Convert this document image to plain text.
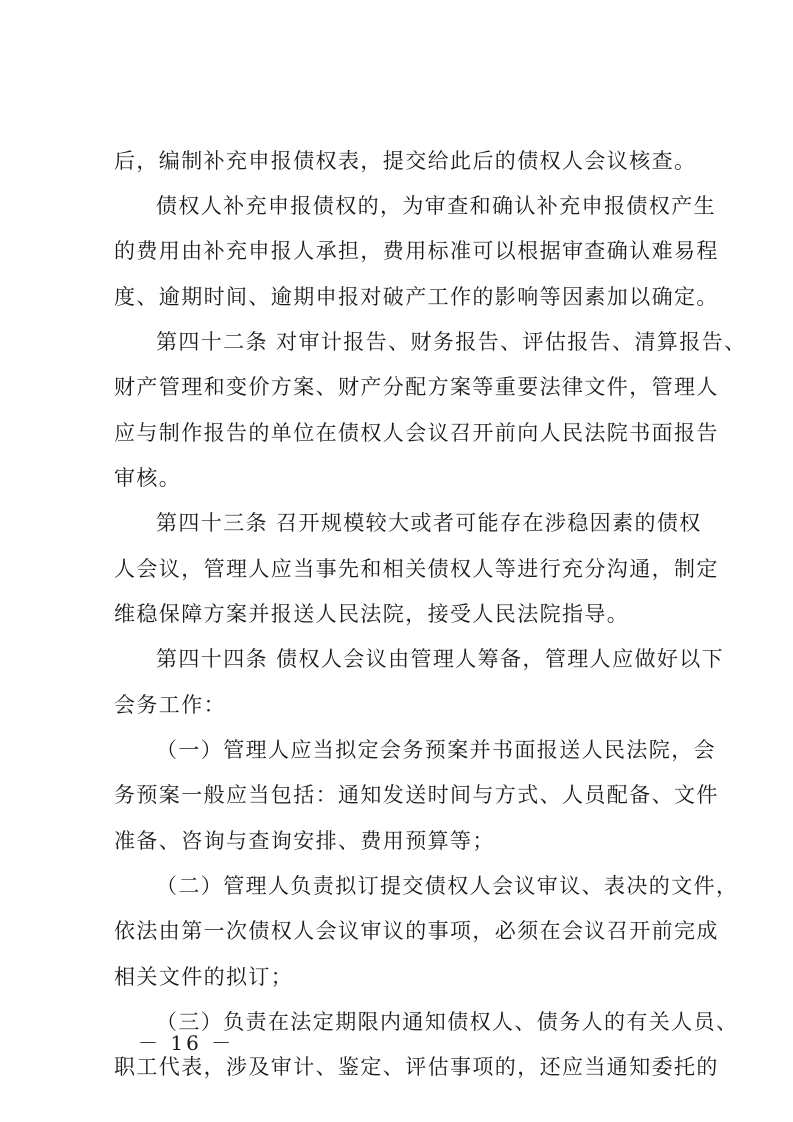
后，编制补充申报债权表，提交给此后的债权人会议核查。
债权人补充申报债权的，为审查和确认补充申报债权产生
的费用由补充申报人承担，费用标准可以根据审查确认难易程
度、逾期时间、逾期申报对破产工作的影响等因素加以确定。
第四十二条 对审计报告、财务报告、评估报告、清算报告、
财产管理和变价方案、财产分配方案等重要法律文件，管理人
应与制作报告的单位在债权人会议召开前向人民法院书面报告
审核。
第四十三条 召开规模较大或者可能存在涉稳因素的债权
人会议，管理人应当事先和相关债权人等进行充分沟通，制定
维稳保障方案并报送人民法院，接受人民法院指导。
第四十四条 债权人会议由管理人筹备，管理人应做好以下
会务工作：
（一）管理人应当拟定会务预案并书面报送人民法院，会
务预案一般应当包括：通知发送时间与方式、人员配备、文件
准备、咨询与查询安排、费用预算等；
（二）管理人负责拟订提交债权人会议审议、表决的文件，
依法由第一次债权人会议审议的事项，必须在会议召开前完成
相关文件的拟订；
（三）负责在法定期限内通知债权人、债务人的有关人员、
职工代表，涉及审计、鉴定、评估事项的，还应当通知委托的
－ 16 －
